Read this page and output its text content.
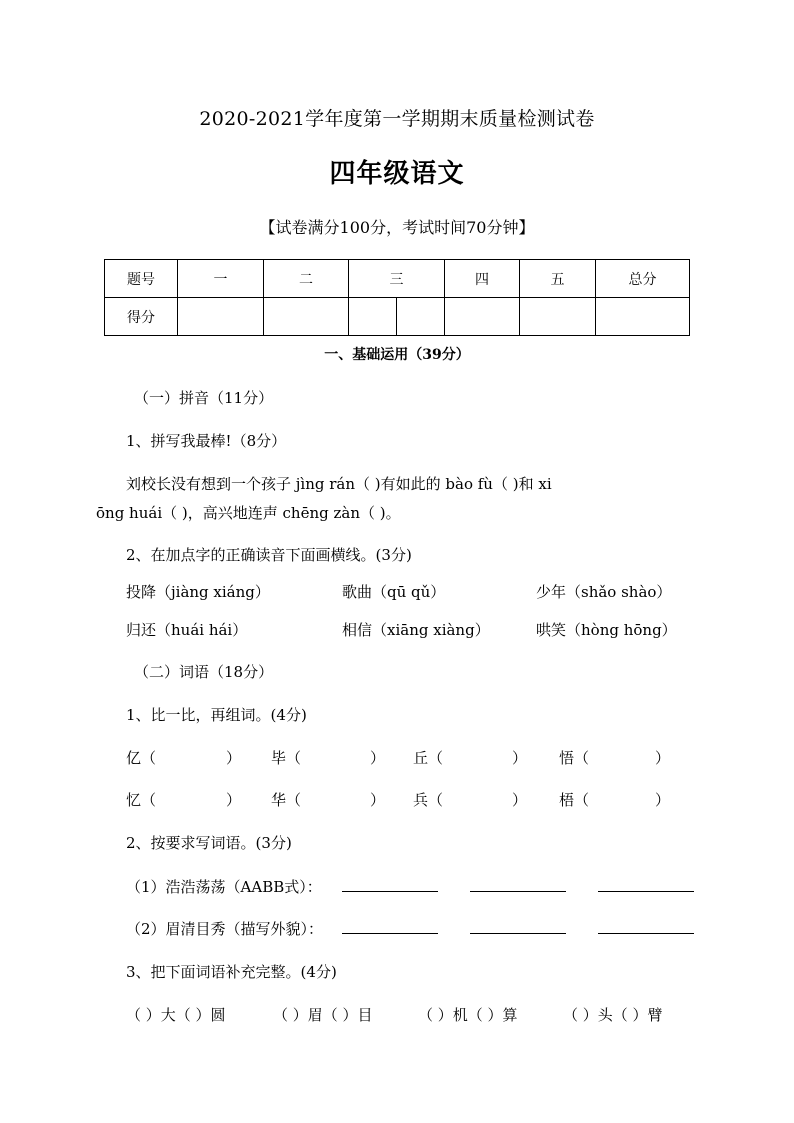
2020-2021学年度第一学期期末质量检测试卷
四年级语文
【试卷满分100分，考试时间70分钟】
题号	一	二	三		四	五	总分
得分							
一、基础运用（39分）
（一）拼音（11分）
1、拼写我最棒!（8分）
刘校长没有想到一个孩子 jìng rán（ )有如此的 bào fù（ )和 xi
ōng huái（ )，高兴地连声 chēng zàn（ )。
2、在加点字的正确读音下面画横线。(3分)
投降（jiàng xiáng）	歌曲（qū qǔ）	少年（shǎo shào）
归还（huái hái）	相信（xiāng xiàng）	哄笑（hòng hōng）
（二）词语（18分）
1、比一比，再组词。(4分)
亿（	） 毕（	） 丘（	） 悟（	）
忆（	） 华（	） 兵（	） 梧（	）
2、按要求写词语。(3分)
（1）浩浩荡荡（AABB式）：
（2）眉清目秀（描写外貌）：
3、把下面词语补充完整。(4分)
（ ）大（ ）圆	（ ）眉（ ）目	（ ）机（ ）算	（ ）头（ ）臂
